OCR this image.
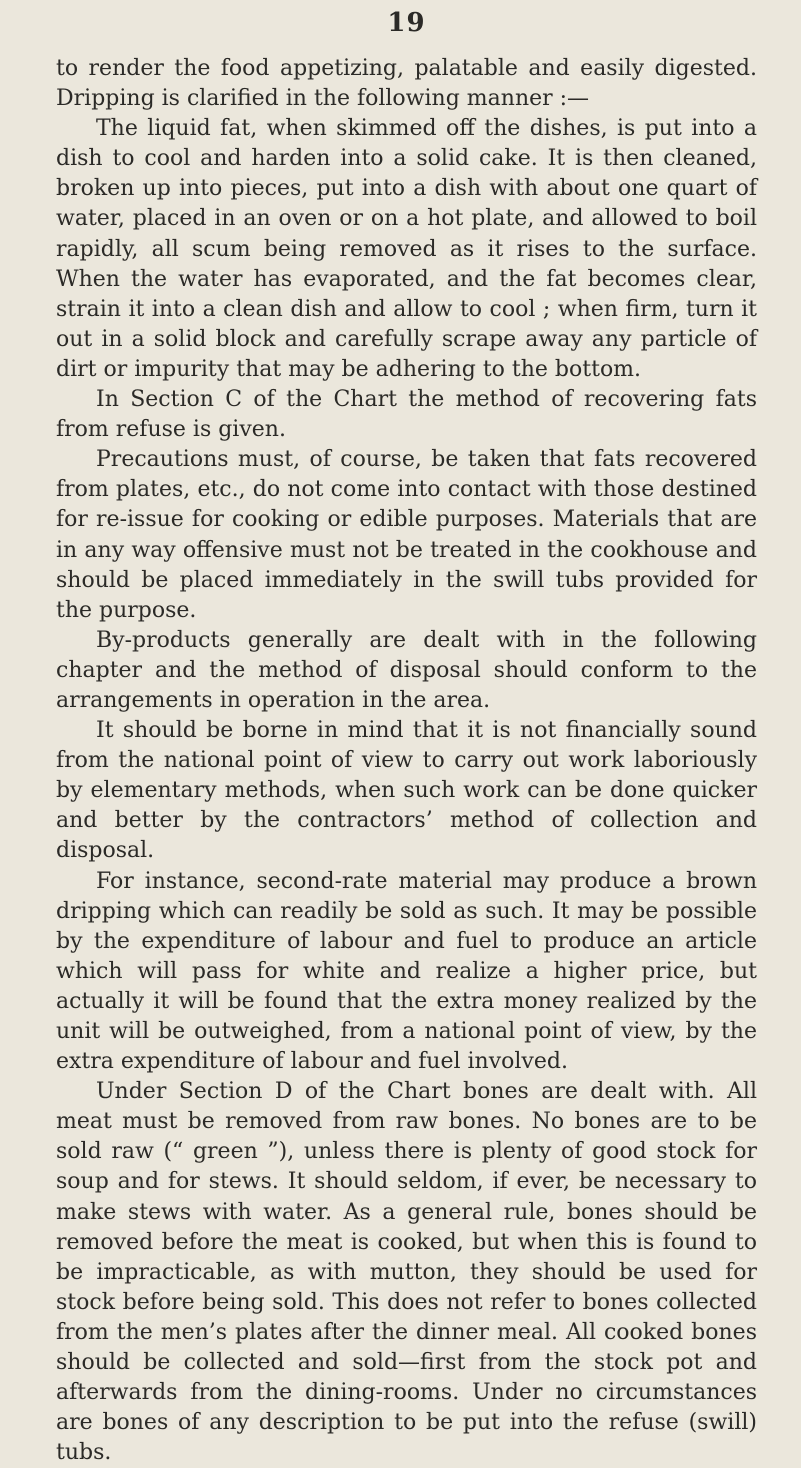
19

to render the food appetizing, palatable and easily digested. Dripping is clarified in the following manner :—

The liquid fat, when skimmed off the dishes, is put into a dish to cool and harden into a solid cake. It is then cleaned, broken up into pieces, put into a dish with about one quart of water, placed in an oven or on a hot plate, and allowed to boil rapidly, all scum being removed as it rises to the surface. When the water has evaporated, and the fat becomes clear, strain it into a clean dish and allow to cool ; when firm, turn it out in a solid block and carefully scrape away any particle of dirt or impurity that may be adhering to the bottom.

In Section C of the Chart the method of recovering fats from refuse is given.

Precautions must, of course, be taken that fats recovered from plates, etc., do not come into contact with those destined for re-issue for cooking or edible purposes. Materials that are in any way offensive must not be treated in the cookhouse and should be placed immediately in the swill tubs provided for the purpose.

By-products generally are dealt with in the following chapter and the method of disposal should conform to the arrangements in operation in the area.

It should be borne in mind that it is not financially sound from the national point of view to carry out work laboriously by elementary methods, when such work can be done quicker and better by the contractors’ method of collection and disposal.

For instance, second-rate material may produce a brown dripping which can readily be sold as such. It may be possible by the expenditure of labour and fuel to produce an article which will pass for white and realize a higher price, but actually it will be found that the extra money realized by the unit will be outweighed, from a national point of view, by the extra expenditure of labour and fuel involved.

Under Section D of the Chart bones are dealt with. All meat must be removed from raw bones. No bones are to be sold raw (“ green ”), unless there is plenty of good stock for soup and for stews. It should seldom, if ever, be necessary to make stews with water. As a general rule, bones should be removed before the meat is cooked, but when this is found to be impracticable, as with mutton, they should be used for stock before being sold. This does not refer to bones collected from the men’s plates after the dinner meal. All cooked bones should be collected and sold—first from the stock pot and afterwards from the dining-rooms. Under no circumstances are bones of any description to be put into the refuse (swill) tubs.
